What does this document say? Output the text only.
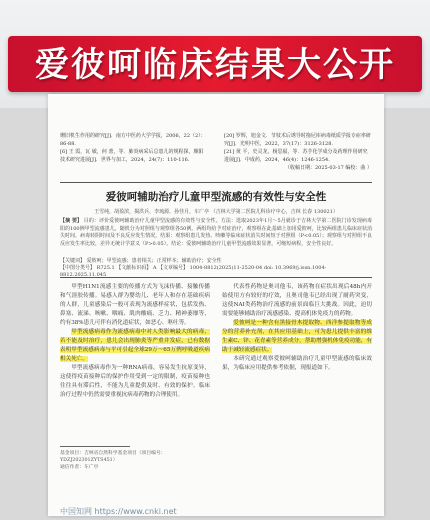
爱彼呵临床结果大公开
珊旧机生作用的研究[J]．南方中医药大学学报，2006，22（2）：86-88.
[6] 王 霞，瓦 敏，何 蕾，等．肺炎病采后总患儿的规程探，颇阳技术研究进展[J]．世界与加工，2024，24(7)：110-116.
[20] 罗辉，旭金文．节枝术后诱导时拖尼库病毒纸质学报专症率研究[J]．光明中医，2022，37(17)：3126-3128.
[21] 黄 平，史灵龙，杨思福，等．苏芋化学成分及药理作用研究进展[J]．中成药，2024，46(4)：1246-1254.
（收稿日期：2025-03-17 编校：曲 ）
爱彼呵辅助治疗儿童甲型流感的有效性与安全性
王雪纯，胡盈滨，揭洪兵，李琉源，孙佳月，车广亭 （吉林大学第二医院儿科诊疗中心，吉林 长春 130021）
【摘 要】 目的：评价爱彼呵辅助治疗儿童甲型流感的有效性与安全性。方法：选取2023年1月～5月就诊于吉林大学第二医院门诊发现病毒阳的100例甲型流感患儿，随机分为对照组与观察组各50例。两组均给予对症治疗，观察组在此基础上加用爱彼呵，比较两组患儿临床症状消失时间、病毒转阴时间及不良反应发生情况。结果：观察组患儿发热、咳嗽等临床症状消失时间短于对照组（P<0.05）；观察组与对照组不良反应发生率比较，差异无统计学意义（P>0.05）。结论：爱彼呵辅助治疗儿童甲型流感效果显著，可缩短病程，安全性良好。
【关键词】 爱彼呵；甲型流感；患者相关；正常样本；辅助治疗；安全性
【中图分类号】 R725.1 【文献标识码】 A 【文章编号】 1004-8812(2025)11-2520-04 doi: 10.3969/j.issn.1004-8812.2025.11.045
甲型H1N1流感主要的传播方式为飞沫传播、接触传播和气溶胶传播。易感人群为婴幼儿、老年人和存在基础疾病的人群，儿童感染后一般可表现为流感样症状，包括发热、鼻塞、流涕、咳嗽、咽痛、肌肉酸痛、乏力、精神萎靡等，约有38%患儿可伴有消化道症状，如恶心、呕吐等。
甲型流感病毒作为流感病毒中对人类影响最大的病毒，若不能及时治疗，患儿会出现肺炎等严重并发症，已有数据表明甲型流感病毒与平可引起全球29万～65万例呼吸道疾病相关死亡。
甲型流感病毒作为一种RNA病毒，容易发生抗原变异，这使得疫苗接种后的保护作用受到一定的限制，疫苗接种也往往具有滞后性，不能为儿童提供及时、有效的保护。临床治疗过程中仍然需要重视抗病毒药物的合理使用。
代表性药物是奥司他韦，该药物在症状出现后48h内开始使用方有较好的疗效，且奥司他韦已经出现了耐药突变，这使NAI类药物治疗流感的前景面临巨大挑战。因此，迫切需要能够辅助治疗流感感染、提高机体免疫力的药物。
爱彼呵是一种含有黑接骨木提取物、西洋参提取物等成分的营养补充剂，在其应用基础上，可为患儿提供丰富的维生素C、锌、花青素等营养成分，帮助增强机体免疫功能，有助于减轻流感症状。
本研究通过观察爱彼呵辅助治疗儿童甲型流感的临床效果，为临床应用提供参考依据，现报道如下。
基金项目：吉林省自然科学基金项目（项目编号：YDZJ202301ZYTS451）
通信作者：车广亭
中国知网 https://www.cnki.net
